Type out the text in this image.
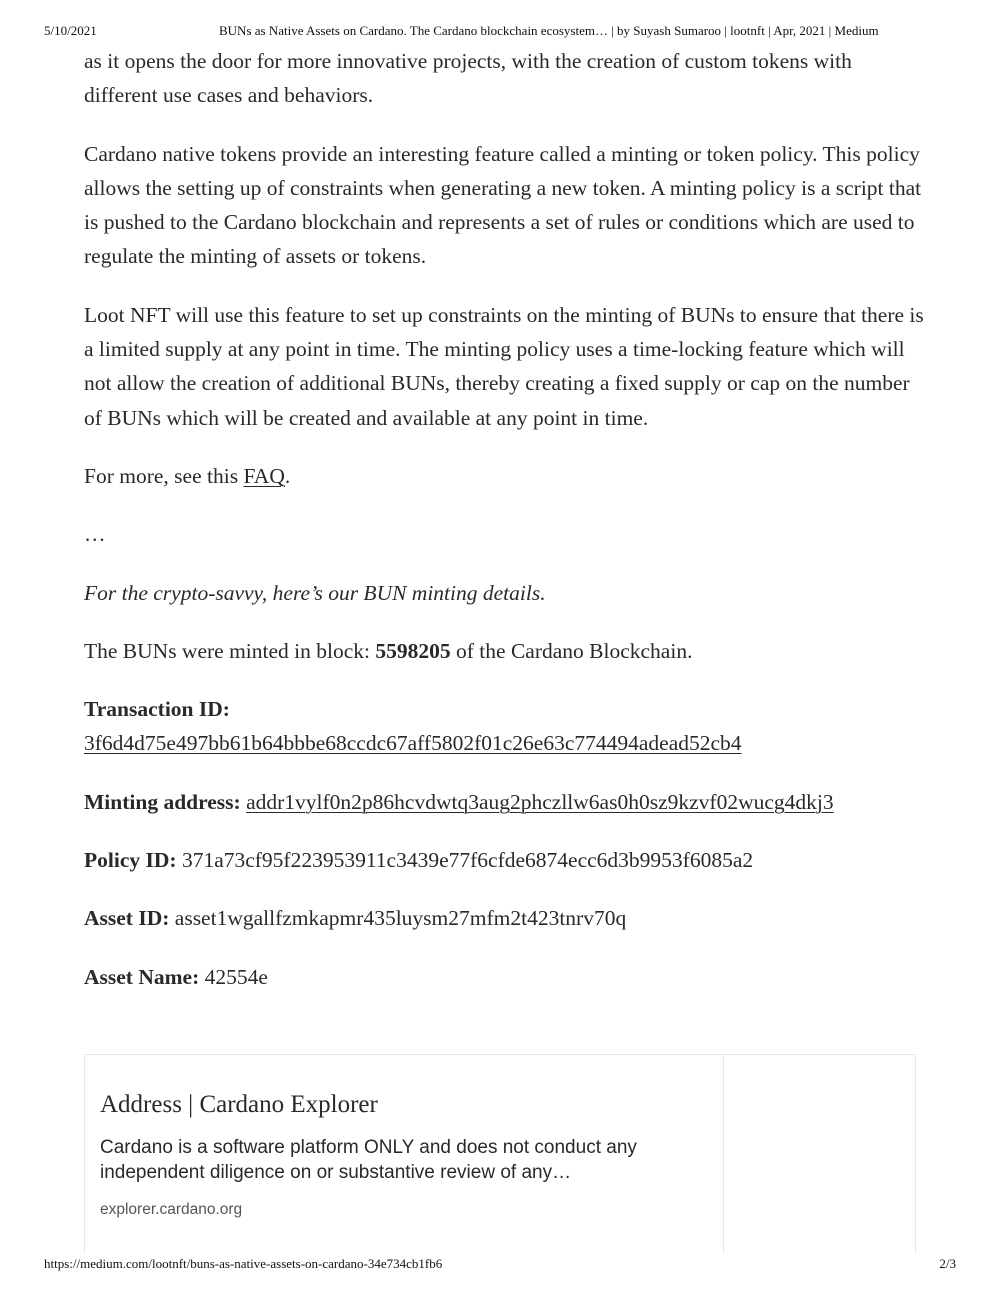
5/10/2021	BUNs as Native Assets on Cardano. The Cardano blockchain ecosystem… | by Suyash Sumaroo | lootnft | Apr, 2021 | Medium

as it opens the door for more innovative projects, with the creation of custom tokens with different use cases and behaviors.

Cardano native tokens provide an interesting feature called a minting or token policy. This policy allows the setting up of constraints when generating a new token. A minting policy is a script that is pushed to the Cardano blockchain and represents a set of rules or conditions which are used to regulate the minting of assets or tokens.

Loot NFT will use this feature to set up constraints on the minting of BUNs to ensure that there is a limited supply at any point in time. The minting policy uses a time-locking feature which will not allow the creation of additional BUNs, thereby creating a fixed supply or cap on the number of BUNs which will be created and available at any point in time.

For more, see this FAQ.

…

For the crypto-savvy, here’s our BUN minting details.

The BUNs were minted in block: 5598205 of the Cardano Blockchain.

Transaction ID:
3f6d4d75e497bb61b64bbbe68ccdc67aff5802f01c26e63c774494adead52cb4

Minting address: addr1vylf0n2p86hcvdwtq3aug2phczllw6as0h0sz9kzvf02wucg4dkj3

Policy ID: 371a73cf95f223953911c3439e77f6cfde6874ecc6d3b9953f6085a2

Asset ID: asset1wgallfzmkapmr435luysm27mfm2t423tnrv70q

Asset Name: 42554e

Address | Cardano Explorer
Cardano is a software platform ONLY and does not conduct any independent diligence on or substantive review of any…
explorer.cardano.org
https://medium.com/lootnft/buns-as-native-assets-on-cardano-34e734cb1fb6	2/3
